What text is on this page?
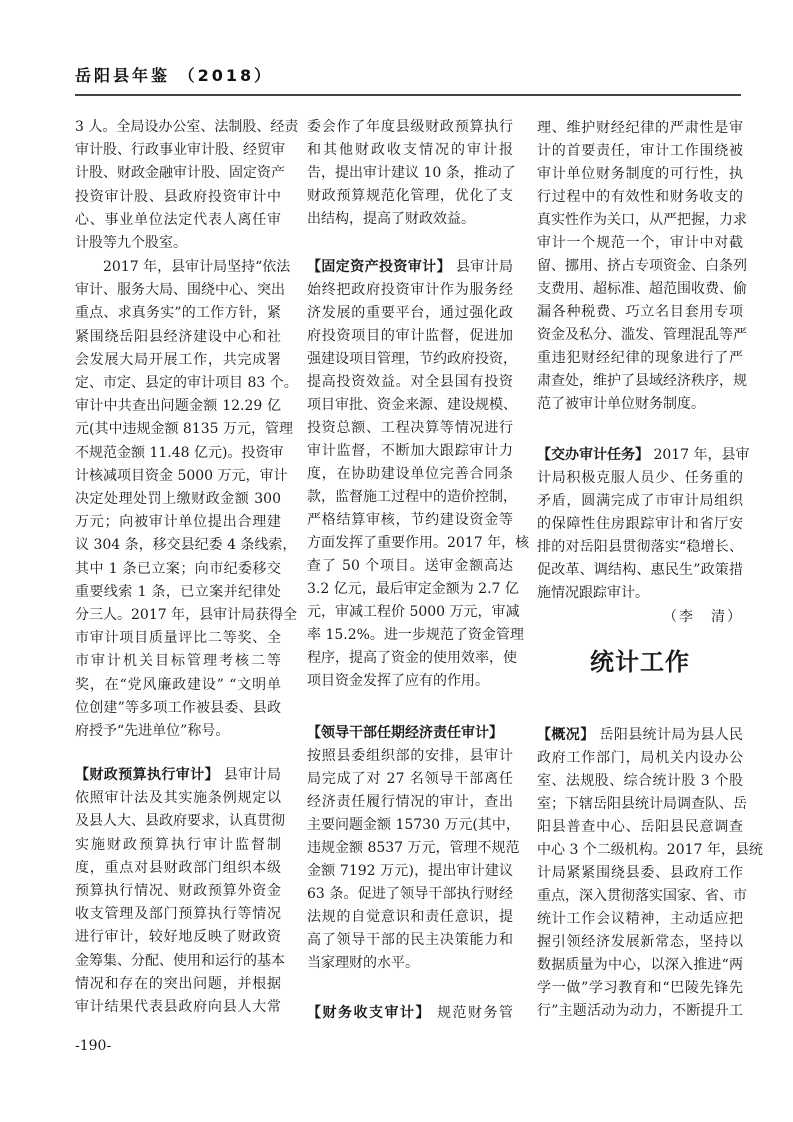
岳阳县年鉴 （2018）
3 人。全局设办公室、法制股、经责
审计股、行政事业审计股、经贸审
计股、财政金融审计股、固定资产
投资审计股、县政府投资审计中
心、事业单位法定代表人离任审
计股等九个股室。
2017 年，县审计局坚持“依法
审计、服务大局、围绕中心、突出
重点、求真务实”的工作方针，紧
紧围绕岳阳县经济建设中心和社
会发展大局开展工作，共完成署
定、市定、县定的审计项目 83 个。
审计中共查出问题金额 12.29 亿
元(其中违规金额 8135 万元，管理
不规范金额 11.48 亿元)。投资审
计核减项目资金 5000 万元，审计
决定处理处罚上缴财政金额 300
万元；向被审计单位提出合理建
议 304 条，移交县纪委 4 条线索，
其中 1 条已立案；向市纪委移交
重要线索 1 条，已立案并纪律处
分三人。2017 年，县审计局获得全
市审计项目质量评比二等奖、全
市审计机关目标管理考核二等
奖，在“党风廉政建设” “文明单
位创建”等多项工作被县委、县政
府授予“先进单位”称号。
【财政预算执行审计】 县审计局
依照审计法及其实施条例规定以
及县人大、县政府要求，认真贯彻
实施财政预算执行审计监督制
度，重点对县财政部门组织本级
预算执行情况、财政预算外资金
收支管理及部门预算执行等情况
进行审计，较好地反映了财政资
金筹集、分配、使用和运行的基本
情况和存在的突出问题，并根据
审计结果代表县政府向县人大常
委会作了年度县级财政预算执行
和其他财政收支情况的审计报
告，提出审计建议 10 条，推动了
财政预算规范化管理，优化了支
出结构，提高了财政效益。
【固定资产投资审计】 县审计局
始终把政府投资审计作为服务经
济发展的重要平台，通过强化政
府投资项目的审计监督，促进加
强建设项目管理，节约政府投资，
提高投资效益。对全县国有投资
项目审批、资金来源、建设规模、
投资总额、工程决算等情况进行
审计监督，不断加大跟踪审计力
度，在协助建设单位完善合同条
款，监督施工过程中的造价控制，
严格结算审核，节约建设资金等
方面发挥了重要作用。2017 年，核
查了 50 个项目。送审金额高达
3.2 亿元，最后审定金额为 2.7 亿
元，审减工程价 5000 万元，审减
率 15.2%。进一步规范了资金管理
程序，提高了资金的使用效率，使
项目资金发挥了应有的作用。
【领导干部任期经济责任审计】
按照县委组织部的安排，县审计
局完成了对 27 名领导干部离任
经济责任履行情况的审计，查出
主要问题金额 15730 万元(其中，
违规金额 8537 万元，管理不规范
金额 7192 万元)，提出审计建议
63 条。促进了领导干部执行财经
法规的自觉意识和责任意识，提
高了领导干部的民主决策能力和
当家理财的水平。
【财务收支审计】 规范财务管
理、维护财经纪律的严肃性是审
计的首要责任，审计工作围绕被
审计单位财务制度的可行性，执
行过程中的有效性和财务收支的
真实性作为关口，从严把握，力求
审计一个规范一个，审计中对截
留、挪用、挤占专项资金、白条列
支费用、超标准、超范围收费、偷
漏各种税费、巧立名目套用专项
资金及私分、滥发、管理混乱等严
重违犯财经纪律的现象进行了严
肃查处，维护了县域经济秩序，规
范了被审计单位财务制度。
【交办审计任务】 2017 年，县审
计局积极克服人员少、任务重的
矛盾，圆满完成了市审计局组织
的保障性住房跟踪审计和省厅安
排的对岳阳县贯彻落实“稳增长、
促改革、调结构、惠民生”政策措
施情况跟踪审计。
（李　清）
统计工作
【概况】 岳阳县统计局为县人民
政府工作部门，局机关内设办公
室、法规股、综合统计股 3 个股
室；下辖岳阳县统计局调查队、岳
阳县普查中心、岳阳县民意调查
中心 3 个二级机构。2017 年，县统
计局紧紧围绕县委、县政府工作
重点，深入贯彻落实国家、省、市
统计工作会议精神，主动适应把
握引领经济发展新常态，坚持以
数据质量为中心，以深入推进“两
学一做”学习教育和“巴陵先锋先
行”主题活动为动力，不断提升工
-190-
